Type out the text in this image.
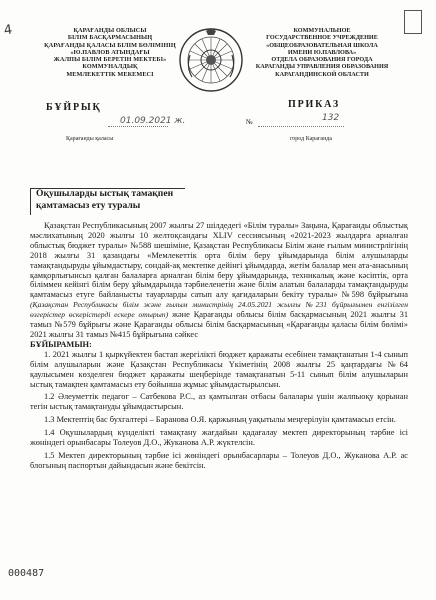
4	ҚАРАҒАНДЫ ОБЛЫСЫ
БІЛІМ БАСҚАРМАСЫНЫҢ
ҚАРАҒАНДЫ ҚАЛАСЫ БІЛІМ БӨЛІМІНІҢ
«Ю.ПАВЛОВ АТЫНДАҒЫ
ЖАЛПЫ БІЛІМ БЕРЕТІН МЕКТЕБІ»
КОММУНАЛДЫҚ
МЕМЛЕКЕТТІК МЕКЕМЕСІ
КОММУНАЛЬНОЕ
ГОСУДАРСТВЕННОЕ УЧРЕЖДЕНИЕ
«ОБЩЕОБРАЗОВАТЕЛЬНАЯ ШКОЛА
ИМЕНИ Ю.ПАВЛОВА»
ОТДЕЛА ОБРАЗОВАНИЯ ГОРОДА
КАРАГАНДЫ УПРАВЛЕНИЯ ОБРАЗОВАНИЯ
КАРАГАНДИНСКОЙ ОБЛАСТИ
БҰЙРЫҚ	ПРИКАЗ
01.09.2021 ж.	№	132
Қарағанды қаласы	город Караганда
Оқушыларды ыстық тамақпен
қамтамасыз ету туралы

Қазақстан Республикасының 2007 жылғы 27 шілдедегі «Білім туралы» Заңына, Қарағанды облыстық мәслихатының 2020 жылғы 10 желтоқсандағы XLIV сессиясының «2021-2023 жылдарға арналған облыстық бюджет туралы» №588 шешіміне, Қазақстан Республикасы Білім және ғылым министрлігінің 2018 жылғы 31 қазандағы «Мемлекеттік орта білім беру ұйымдарында білім алушыларды тамақтандыруды ұйымдастыру, сондай-ақ мектепке дейінгі ұйымдарда, жетім балалар мен ата-анасының қамқорлығынсыз қалған балаларға арналған білім беру ұйымдарында, техникалық және кәсіптік, орта біліммен кейінгі білім беру ұйымдарында тәрбиеленетін және білім алатын балаларды тамақтандыруды қамтамасыз етуге байланысты тауарларды сатып алу қағидаларын бекіту туралы» №598 бұйрығына (Қазақстан Республикасы білім және ғылым министрінің 24.05.2021 жылғы №231 бұйрығымен енгізілген өзгерістер өскерістерді ескере отырып) және Қарағанды облысы білім басқармасының 2021 жылғы 31 тамыз №579 бұйрығы және Қарағанды облысы білім басқармасының «Қарағанды қаласы білім бөлімі» 2021 жылғы 31 тамыз №415 бұйрығына сәйкес

БҰЙЫРАМЫН:

1. 2021 жылғы 1 қыркүйектен бастап жергілікті бюджет қаражаты есебінен тамақтанатын 1-4 сынып білім алушыларын және Қазақстан Республикасы Үкіметінің 2008 жылғы 25 қаңтардағы №64 қаулысымен көзделген бюджет қаражаты шеңберінде тамақтанатын 5-11 сынып білім алушыларын ыстық тамақпен қамтамасыз ету бойынша жұмыс ұйымдастырылсын.

1.2 Әлеуметтік педагог – Сатбекова Р.С., аз қамтылған отбасы балалары үшін жалпыоқу қорынан тегін ыстық тамақтануды ұйымдастырсын.

1.3 Мектептің бас бухгалтері – Баранова О.Я. қаржының уақытылы меңгерілуін қамтамасыз етсін.

1.4 Оқушылардың күнделікті тамақтану жағдайын қадағалау мектеп директорының тәрбие ісі жөніндегі орынбасары Толеуов Д.О., Жуканова А.Р. жүктелсін.

1.5 Мектеп директорының тәрбие ісі жөніндегі орынбасарлары – Толеуов Д.О., Жуканова А.Р. ас блогының паспортын дайындасын және бекітсін.

000487
